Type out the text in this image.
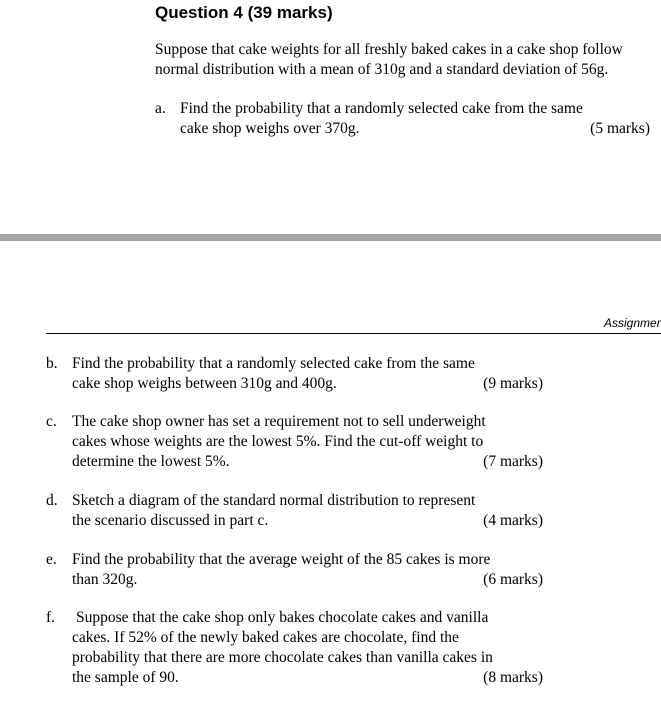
Question 4 (39 marks)
Suppose that cake weights for all freshly baked cakes in a cake shop follow
normal distribution with a mean of 310g and a standard deviation of 56g.
a. Find the probability that a randomly selected cake from the same
cake shop weighs over 370g.	(5 marks)
Assignmer
b. Find the probability that a randomly selected cake from the same
cake shop weighs between 310g and 400g.	(9 marks)
c. The cake shop owner has set a requirement not to sell underweight
cakes whose weights are the lowest 5%. Find the cut-off weight to
determine the lowest 5%.	(7 marks)
d. Sketch a diagram of the standard normal distribution to represent
the scenario discussed in part c.	(4 marks)
e. Find the probability that the average weight of the 85 cakes is more
than 320g.	(6 marks)
f. Suppose that the cake shop only bakes chocolate cakes and vanilla
cakes. If 52% of the newly baked cakes are chocolate, find the
probability that there are more chocolate cakes than vanilla cakes in
the sample of 90.	(8 marks)
